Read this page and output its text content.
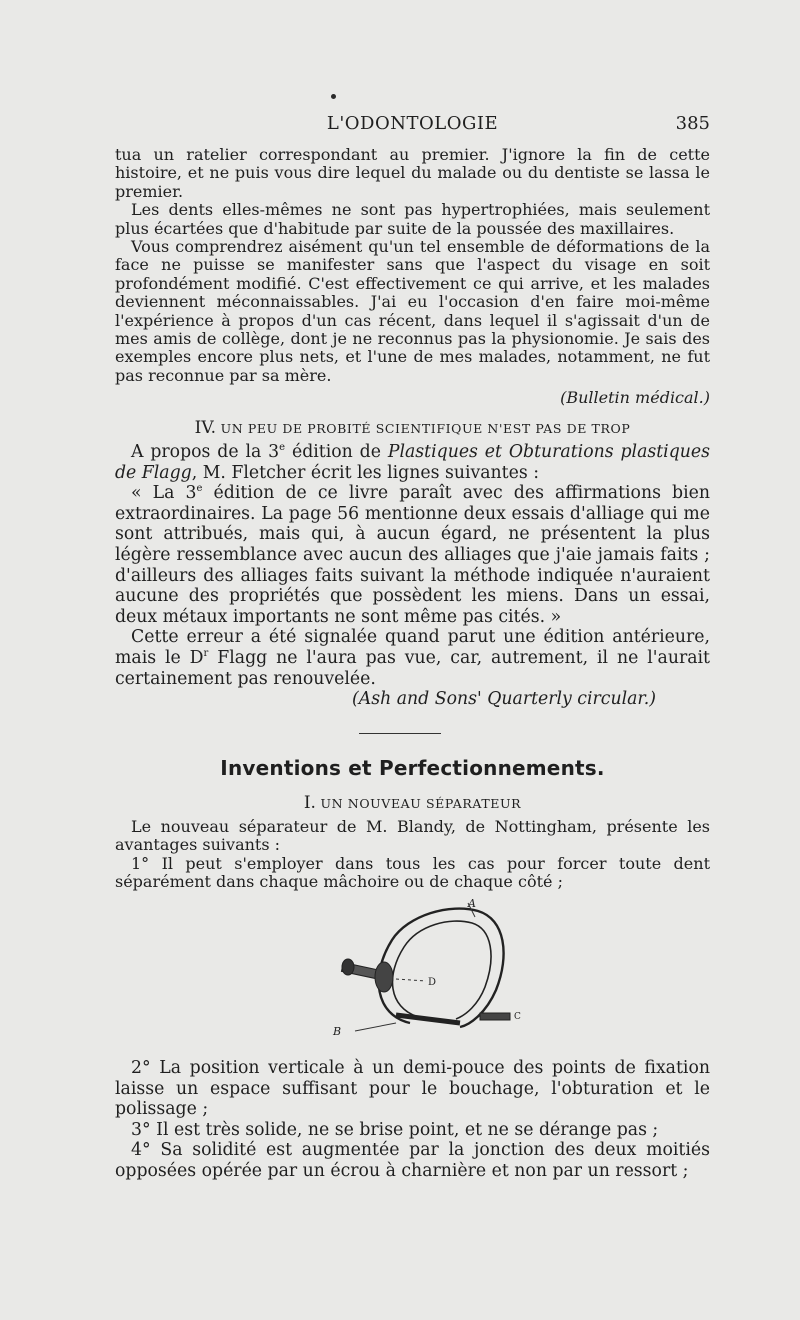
L'ODONTOLOGIE	385

tua un ratelier correspondant au premier. J'ignore la fin de cette histoire, et ne puis vous dire lequel du malade ou du dentiste se lassa le premier.

Les dents elles-mêmes ne sont pas hypertrophiées, mais seulement plus écartées que d'habitude par suite de la poussée des maxillaires.

Vous comprendrez aisément qu'un tel ensemble de déformations de la face ne puisse se manifester sans que l'aspect du visage en soit profondément modifié. C'est effectivement ce qui arrive, et les malades deviennent méconnaissables. J'ai eu l'occasion d'en faire moi-même l'expérience à propos d'un cas récent, dans lequel il s'agissait d'un de mes amis de collège, dont je ne reconnus pas la physionomie. Je sais des exemples encore plus nets, et l'une de mes malades, notamment, ne fut pas reconnue par sa mère.

(Bulletin médical.)

IV. UN PEU DE PROBITÉ SCIENTIFIQUE N'EST PAS DE TROP

A propos de la 3e édition de Plastiques et Obturations plastiques de Flagg, M. Fletcher écrit les lignes suivantes :

« La 3e édition de ce livre paraît avec des affirmations bien extraordinaires. La page 56 mentionne deux essais d'alliage qui me sont attribués, mais qui, à aucun égard, ne présentent la plus légère ressemblance avec aucun des alliages que j'aie jamais faits ; d'ailleurs des alliages faits suivant la méthode indiquée n'auraient aucune des propriétés que possèdent les miens. Dans un essai, deux métaux importants ne sont même pas cités. »

Cette erreur a été signalée quand parut une édition antérieure, mais le $D^r$ Flagg ne l'aura pas vue, car, autrement, il ne l'aurait certainement pas renouvelée.

(Ash and Sons' Quarterly circular.)

Inventions et Perfectionnements.
I. UN NOUVEAU SÉPARATEUR

Le nouveau séparateur de M. Blandy, de Nottingham, présente les avantages suivants :

1° Il peut s'employer dans tous les cas pour forcer toute dent séparément dans chaque mâchoire ou de chaque côté ;

A
D
B
C

2° La position verticale à un demi-pouce des points de fixation laisse un espace suffisant pour le bouchage, l'obturation et le polissage ;

3° Il est très solide, ne se brise point, et ne se dérange pas ;

4° Sa solidité est augmentée par la jonction des deux moitiés opposées opérée par un écrou à charnière et non par un ressort ;
